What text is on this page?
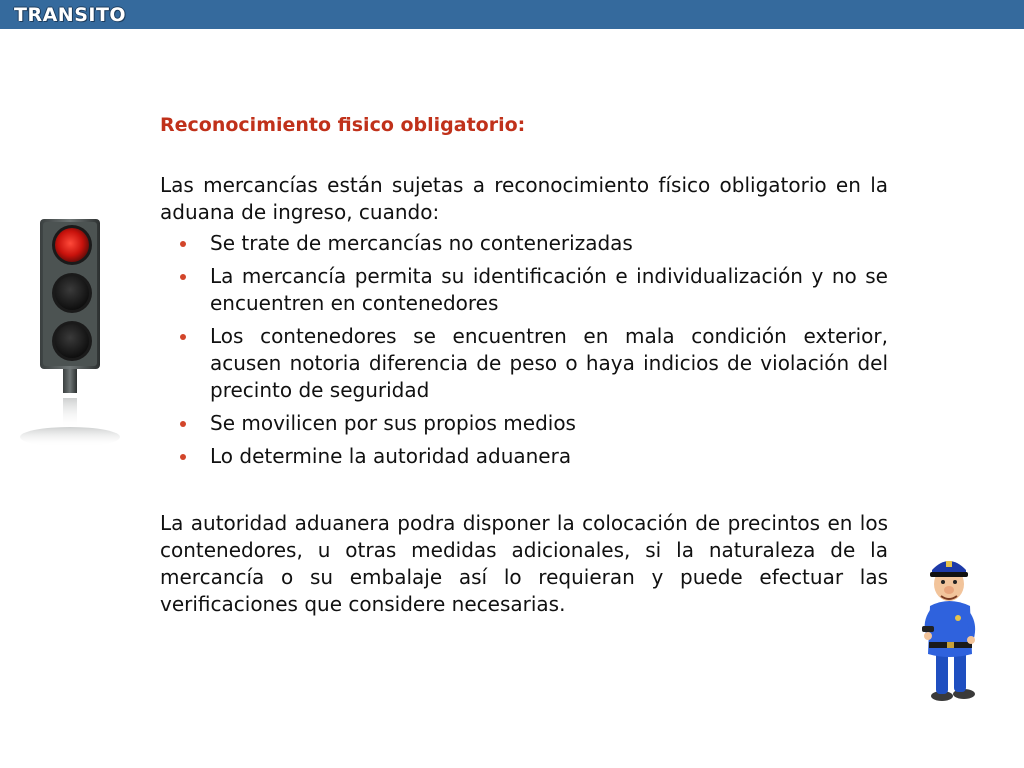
TRANSITO

Reconocimiento fisico obligatorio:

Las mercancías están sujetas a reconocimiento físico obligatorio en la aduana de ingreso, cuando:

Se trate de mercancías no contenerizadas
La mercancía permita su identificación e individualización y no se encuentren en contenedores
Los contenedores se encuentren en mala condición exterior, acusen notoria diferencia de peso o haya indicios de violación del precinto de seguridad
Se movilicen por sus propios medios
Lo determine la autoridad aduanera

La autoridad aduanera podra disponer la colocación de precintos en los contenedores, u otras medidas adicionales, si la naturaleza de la mercancía o su embalaje así lo requieran y puede efectuar las verificaciones que considere necesarias.
